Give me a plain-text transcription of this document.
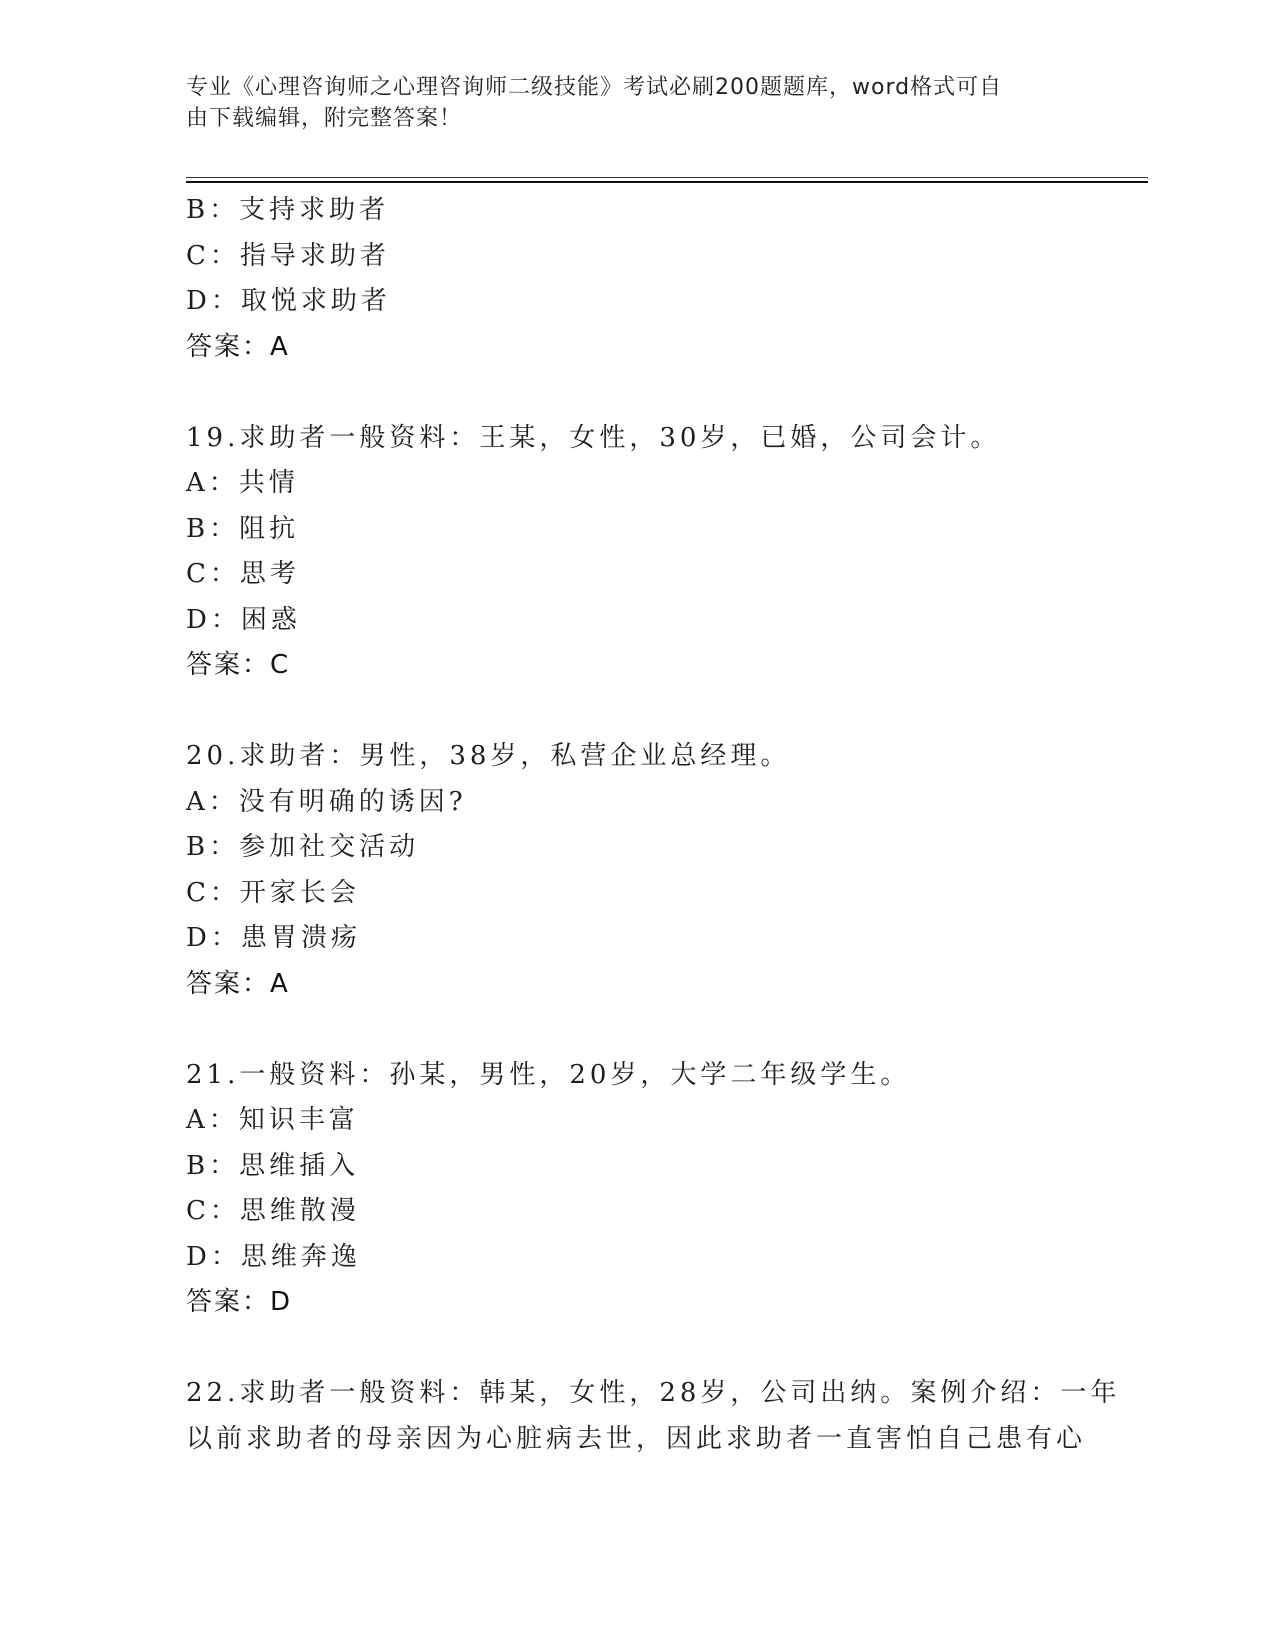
专业《心理咨询师之心理咨询师二级技能》考试必刷200题题库，word格式可自
由下载编辑，附完整答案！
B：支持求助者
C：指导求助者
D：取悦求助者
答案：A
19.求助者一般资料：王某，女性，30岁，已婚，公司会计。
A：共情
B：阻抗
C：思考
D：困惑
答案：C
20.求助者：男性，38岁，私营企业总经理。
A：没有明确的诱因?
B：参加社交活动
C：开家长会
D：患胃溃疡
答案：A
21.一般资料：孙某，男性，20岁，大学二年级学生。
A：知识丰富
B：思维插入
C：思维散漫
D：思维奔逸
答案：D
22.求助者一般资料：韩某，女性，28岁，公司出纳。案例介绍：一年
以前求助者的母亲因为心脏病去世，因此求助者一直害怕自己患有心
